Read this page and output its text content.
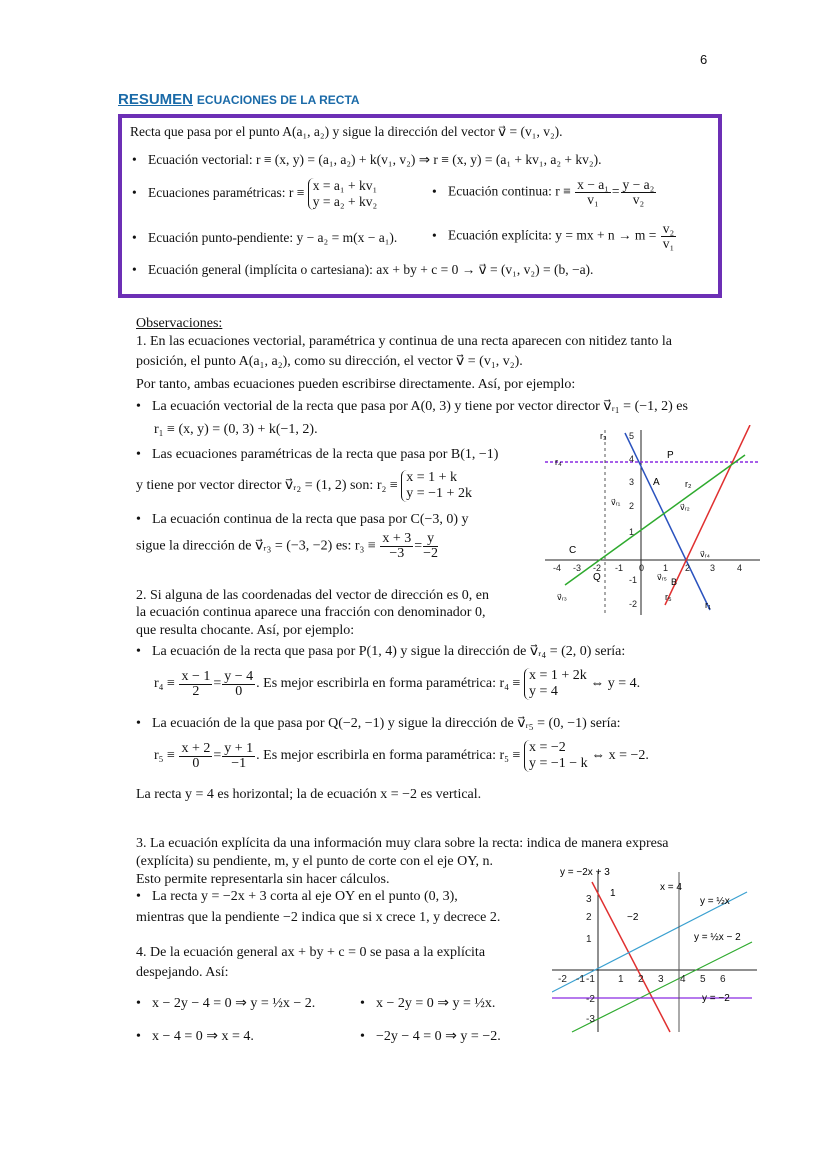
6
RESUMEN ECUACIONES DE LA RECTA
Recta que pasa por el punto A(a₁, a₂) y sigue la dirección del vector v⃗ = (v₁, v₂).
• Ecuación vectorial: r ≡ (x, y) = (a₁, a₂) + k(v₁, v₂) ⇒ r ≡ (x, y) = (a₁ + kv₁, a₂ + kv₂).
• Ecuaciones paramétricas: r ≡ x = a₁ + kv₁
y = a₂ + kv₂
• Ecuación continua: $r \equiv \frac{\text{x − a₁}}{\text{v₁}} = \frac{\text{y − a₂}}{\text{v₂}}$
• Ecuación punto-pendiente: y − a₂ = m(x − a₁).	• Ecuación explícita: y = mx + $n \to m = \frac{\text{v₂}}{\text{v₁}}$
• Ecuación general (implícita o cartesiana): ax + by + c = 0 → v⃗ = (v₁, v₂) = (b, −a).
Observaciones:
1. En las ecuaciones vectorial, paramétrica y continua de una recta aparecen con nitidez tanto la
posición, el punto A(a₁, a₂), como su dirección, el vector v⃗ = (v₁, v₂).
Por tanto, ambas ecuaciones pueden escribirse directamente. Así, por ejemplo:
• La ecuación vectorial de la recta que pasa por A(0, 3) y tiene por vector director v⃗ᵣ₁ = (−1, 2) es
r₁ ≡ (x, y) = (0, 3) + k(−1, 2).
• Las ecuaciones paramétricas de la recta que pasa por B(1, −1)
y tiene por vector director v⃗ᵣ₂ = (1, 2) son: r₂ ≡ x = 1 + k
y = −1 + 2k
• La ecuación continua de la recta que pasa por C(−3, 0) y
sigue la dirección de v⃗ᵣ₃ = (−3, −2) es: $r_3 \equiv \frac{x + 3}{-3} = \frac{y}{-2}$
2. Si alguna de las coordenadas del vector de dirección es 0, en
la ecuación continua aparece una fracción con denominador 0,
que resulta chocante. Así, por ejemplo:
• La ecuación de la recta que pasa por P(1, 4) y sigue la dirección de v⃗ᵣ₄ = (2, 0) sería:
$r_4 \equiv \frac{x - 1}{2} = \frac{y - 4}{0}$ . Es mejor escribirla en forma paramétrica: r₄ ≡ x = 1 + 2k
y = 4 ⇔ y = 4.
• La ecuación de la que pasa por Q(−2, −1) y sigue la dirección de v⃗ᵣ₅ = (0, −1) sería:
$r_5 \equiv \frac{x + 2}{0} = \frac{y + 1}{-1}$ . Es mejor escribirla en forma paramétrica: r₅ ≡ x = −2
y = −1 − k ⇔ x = −2.
La recta y = 4 es horizontal; la de ecuación x = −2 es vertical.
3. La ecuación explícita da una información muy clara sobre la recta: indica de manera expresa
(explícita) su pendiente, m, y el punto de corte con el eje OY, n.
Esto permite representarla sin hacer cálculos.
• La recta y = −2x + 3 corta al eje OY en el punto (0, 3),
mientras que la pendiente −2 indica que si x crece 1, y decrece 2.
4. De la ecuación general ax + by + c = 0 se pasa a la explícita
despejando. Así:
• x − 2y − 4 = 0 ⇒ y = ½x − 2.	• x − 2y = 0 ⇒ y = ½x.
• x − 4 = 0 ⇒ x = 4.	• −2y − 4 = 0 ⇒ y = −2.
-4 -3 -2 -1 0 1 2 3 4
5
4
3
2
1
-1
-2
r₃
r₄
v⃗ᵣ₁
v⃗ᵣ₂
r₂
r₁
v⃗ᵣ₄
v⃗ᵣ₃
v⃗ᵣ₅
r₅
A
B
C
P
Q
-2 -1	1 2 3 4 5 6
3
2
1
-1
-2
-3
y = −2x + 3
x = 4
y = ½x
y = ½x − 2
y = −2
−2
1
